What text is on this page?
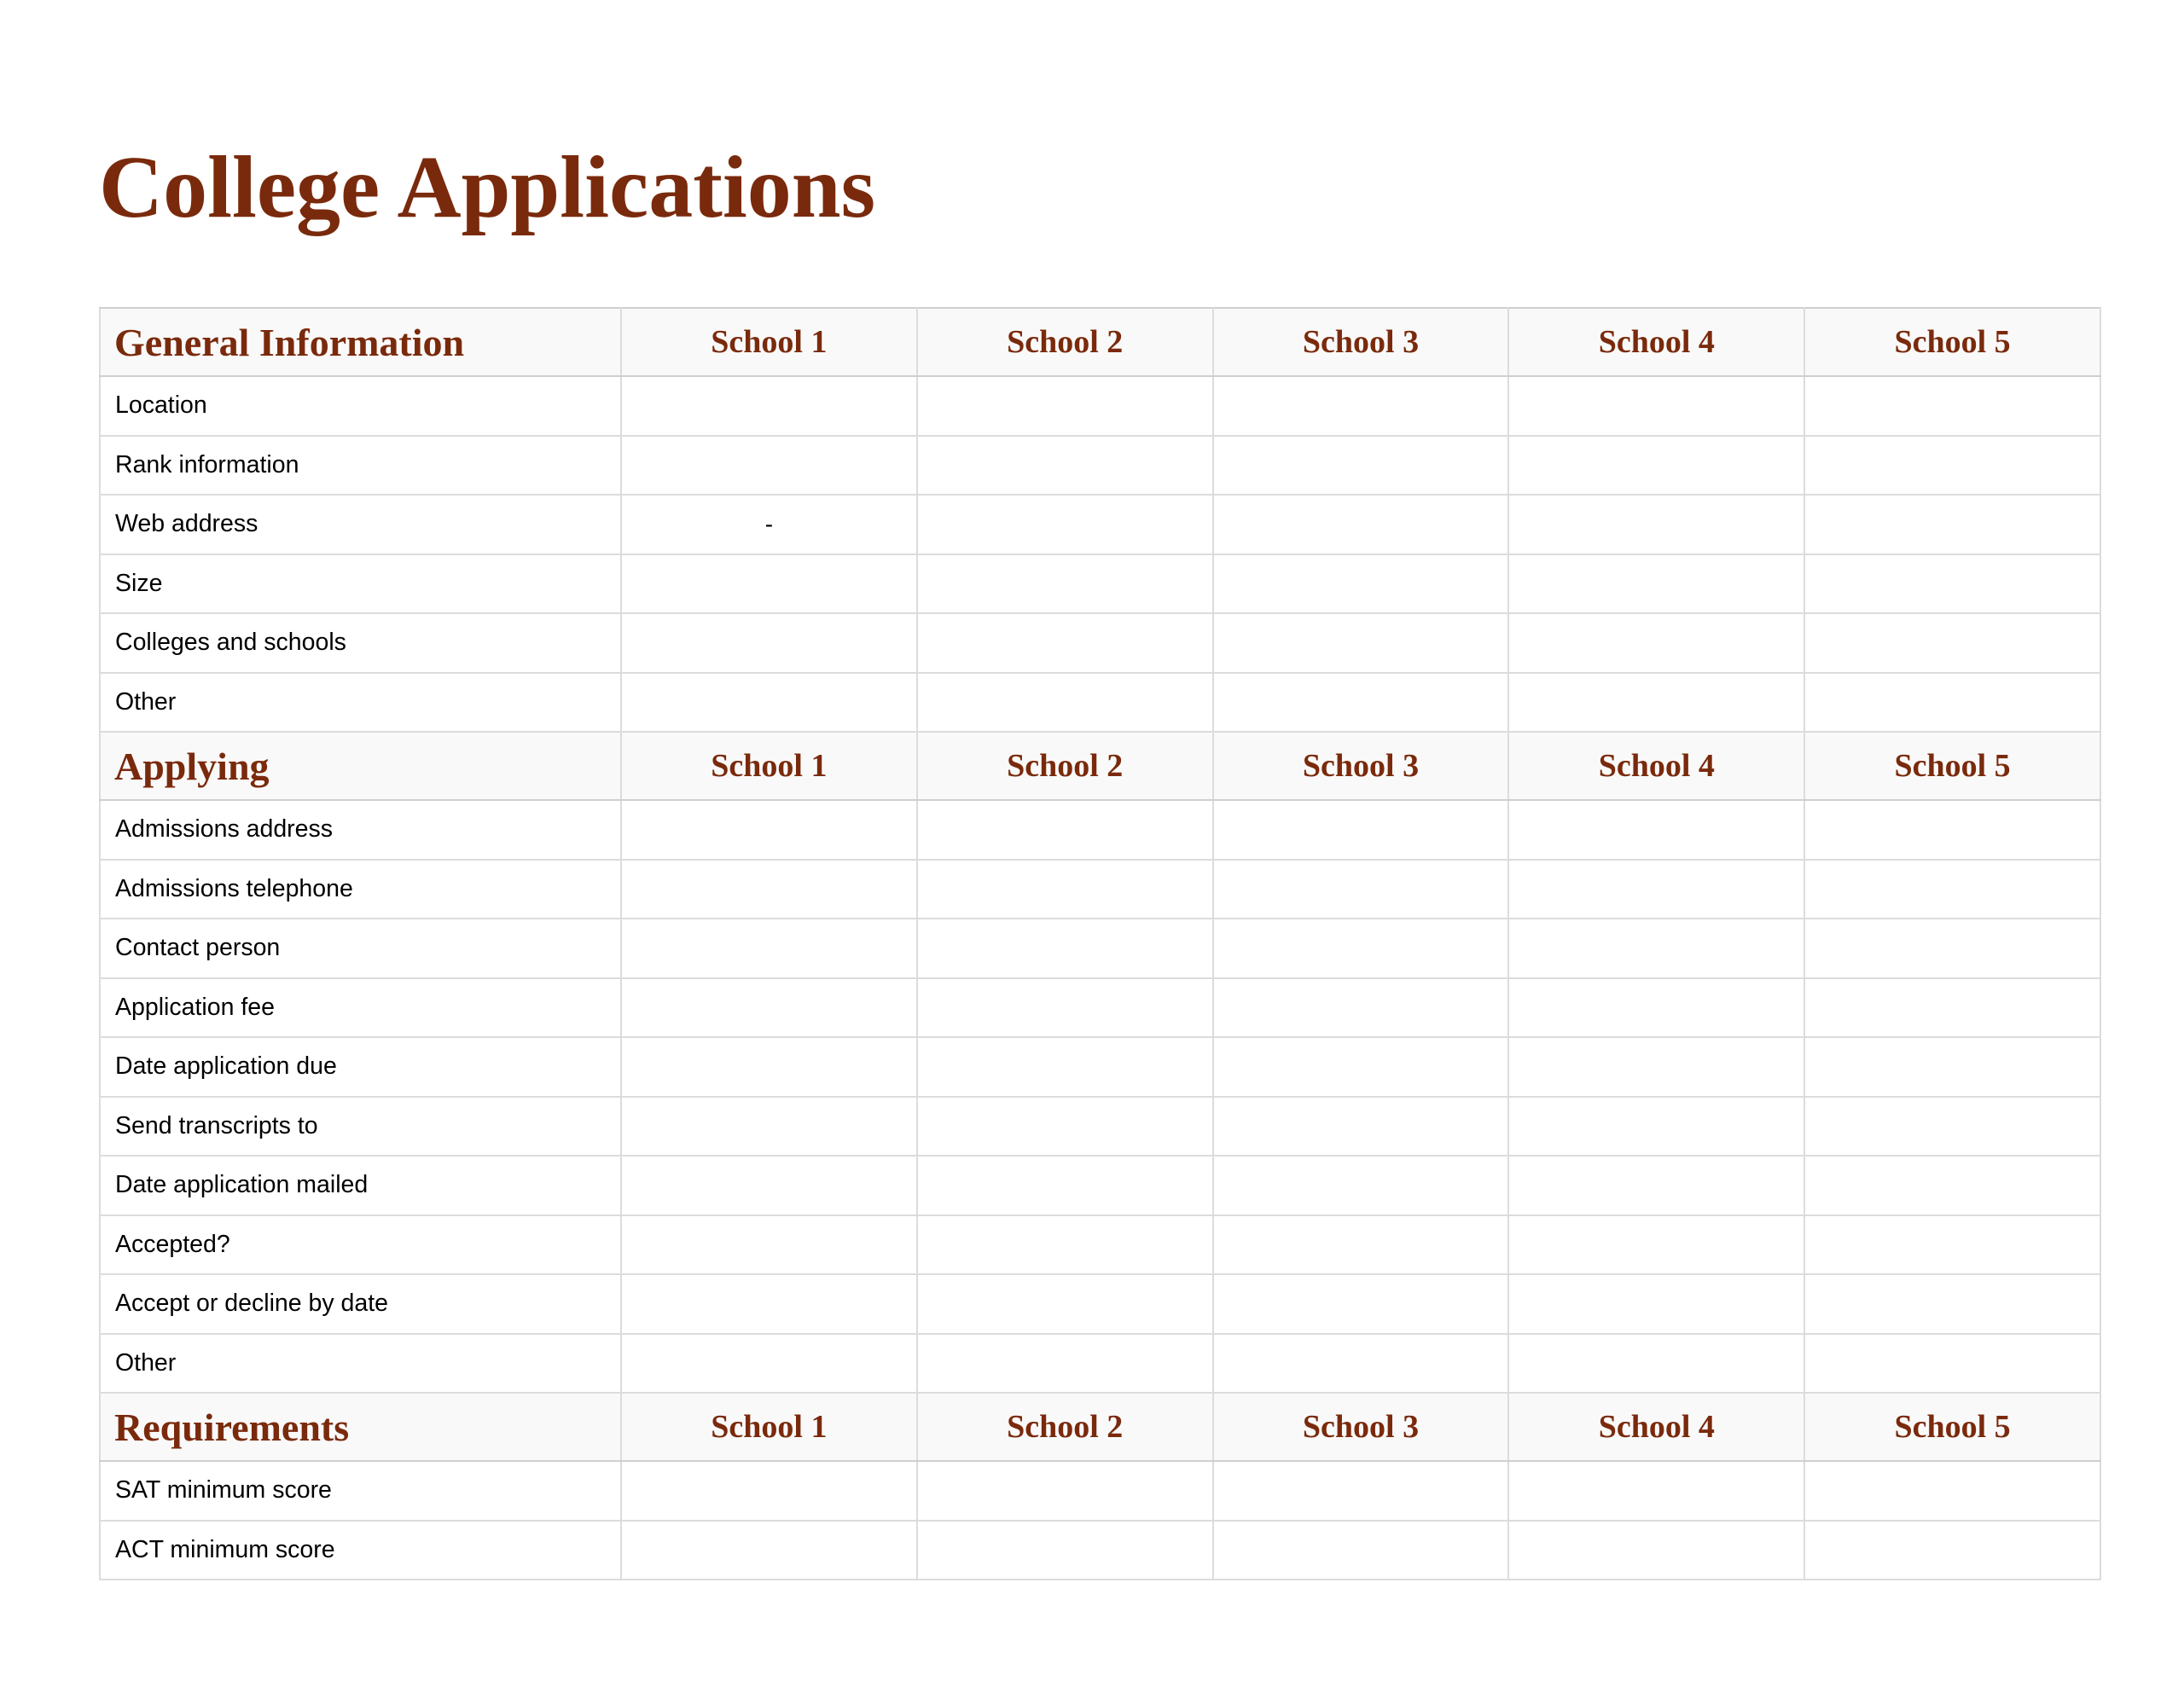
College Applications
General Information	School 1	School 2	School 3	School 4	School 5
Location					
Rank information					
Web address	-				
Size					
Colleges and schools					
Other					
Applying	School 1	School 2	School 3	School 4	School 5
Admissions address					
Admissions telephone					
Contact person					
Application fee					
Date application due					
Send transcripts to					
Date application mailed					
Accepted?					
Accept or decline by date					
Other					
Requirements	School 1	School 2	School 3	School 4	School 5
SAT minimum score					
ACT minimum score					
